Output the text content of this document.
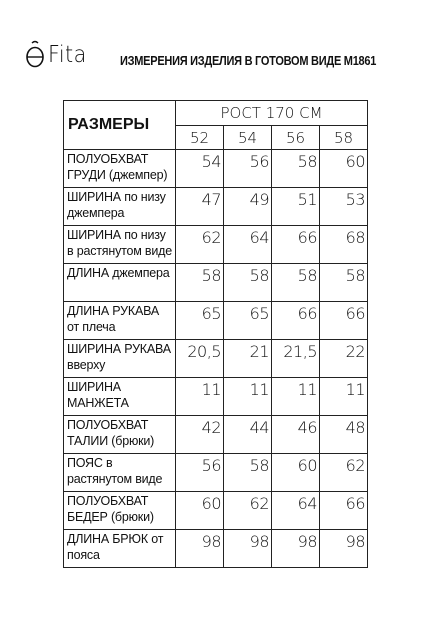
Fita	ИЗМЕРЕНИЯ ИЗДЕЛИЯ В ГОТОВОМ ВИДЕ М1861
РАЗМЕРЫ	РОСТ 170 СМ			
	52	54	56	58
ПОЛУОБХВАТ ГРУДИ (джемпер)	54	56	58	60
ШИРИНА по низу джемпера	47	49	51	53
ШИРИНА по низу в растянутом виде	62	64	66	68
ДЛИНА джемпера	58	58	58	58
ДЛИНА РУКАВА от плеча	65	65	66	66
ШИРИНА РУКАВА вверху	20,5	21	21,5	22
ШИРИНА МАНЖЕТА	11	11	11	11
ПОЛУОБХВАТ ТАЛИИ (брюки)	42	44	46	48
ПОЯС в растянутом виде	56	58	60	62
ПОЛУОБХВАТ БЕДЕР (брюки)	60	62	64	66
ДЛИНА БРЮК от пояса	98	98	98	98
